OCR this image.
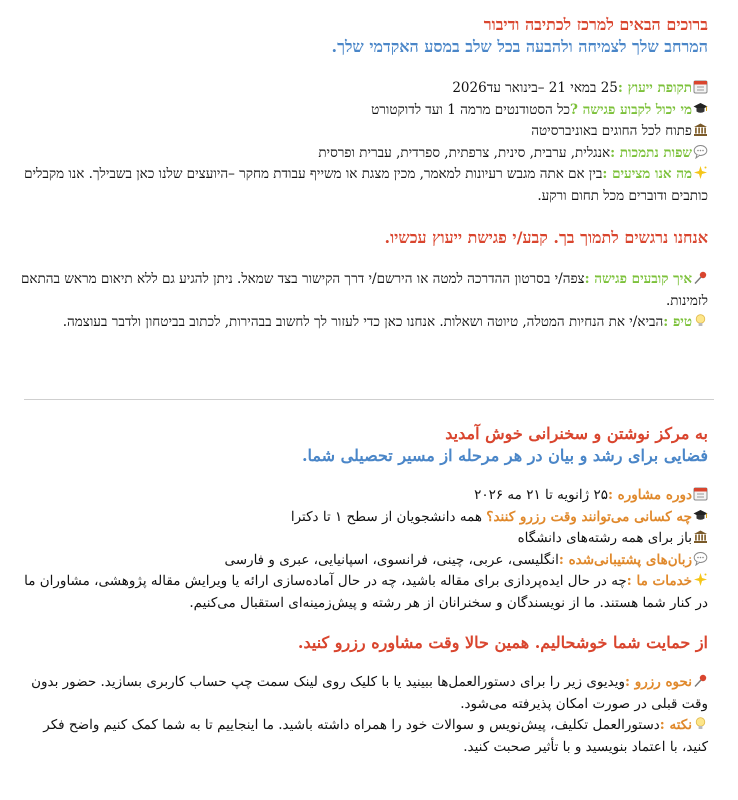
ברוכים הבאים למרכז לכתיבה ודיבור

המרחב שלך לצמיחה ולהבעה בכל שלב במסע האקדמי שלך.

תקופת ייעוץ :25 במאי 21 –בינואר עד2026

מי יכול לקבוע פגישה ?כל הסטודנטים מרמה 1 ועד לדוקטורט

פתוח לכל החוגים באוניברסיטה

שפות נתמכות :אנגלית, ערבית, סינית, צרפתית, ספרדית, עברית ופרסית

מה אנו מציעים :בין אם אתה מגבש רעיונות למאמר, מכין מצגת או משייף עבודת מחקר –היועצים שלנו כאן בשבילך. אנו מקבלים כותבים ודוברים מכל תחום ורקע.

אנחנו נרגשים לתמוך בך. קבע/י פגישת ייעוץ עכשיו.

איך קובעים פגישה :צפה/י בסרטון ההדרכה למטה או הירשם/י דרך הקישור בצד שמאל. ניתן להגיע גם ללא תיאום מראש בהתאם לזמינות.

טיפ :הביא/י את הנחיות המטלה, טיוטה ושאלות. אנחנו כאן כדי לעזור לך לחשוב בבהירות, לכתוב בביטחון ולדבר בעוצמה.

به مرکز نوشتن و سخنرانی خوش آمدید

فضایی برای رشد و بیان در هر مرحله از مسیر تحصیلی شما.

دوره مشاوره :۲۵ ژانویه تا ۲۱ مه ۲۰۲۶

چه کسانی می‌توانند وقت رزرو کنند؟ همه دانشجویان از سطح ۱ تا دکترا

باز برای همه رشته‌های دانشگاه

زبان‌های پشتیبانی‌شده :انگلیسی، عربی، چینی، فرانسوی، اسپانیایی، عبری و فارسی

خدمات ما :چه در حال ایده‌پردازی برای مقاله باشید، چه در حال آماده‌سازی ارائه یا ویرایش مقاله پژوهشی، مشاوران ما در کنار شما هستند. ما از نویسندگان و سخنرانان از هر رشته و پیش‌زمینه‌ای استقبال می‌کنیم.

از حمایت شما خوشحالیم. همین حالا وقت مشاوره رزرو کنید.

نحوه رزرو :ویدیوی زیر را برای دستورالعمل‌ها ببینید یا با کلیک روی لینک سمت چپ حساب کاربری بسازید. حضور بدون وقت قبلی در صورت امکان پذیرفته می‌شود.

نکته :دستورالعمل تکلیف، پیش‌نویس و سوالات خود را همراه داشته باشید. ما اینجاییم تا به شما کمک کنیم واضح فکر کنید، با اعتماد بنویسید و با تأثیر صحبت کنید.
